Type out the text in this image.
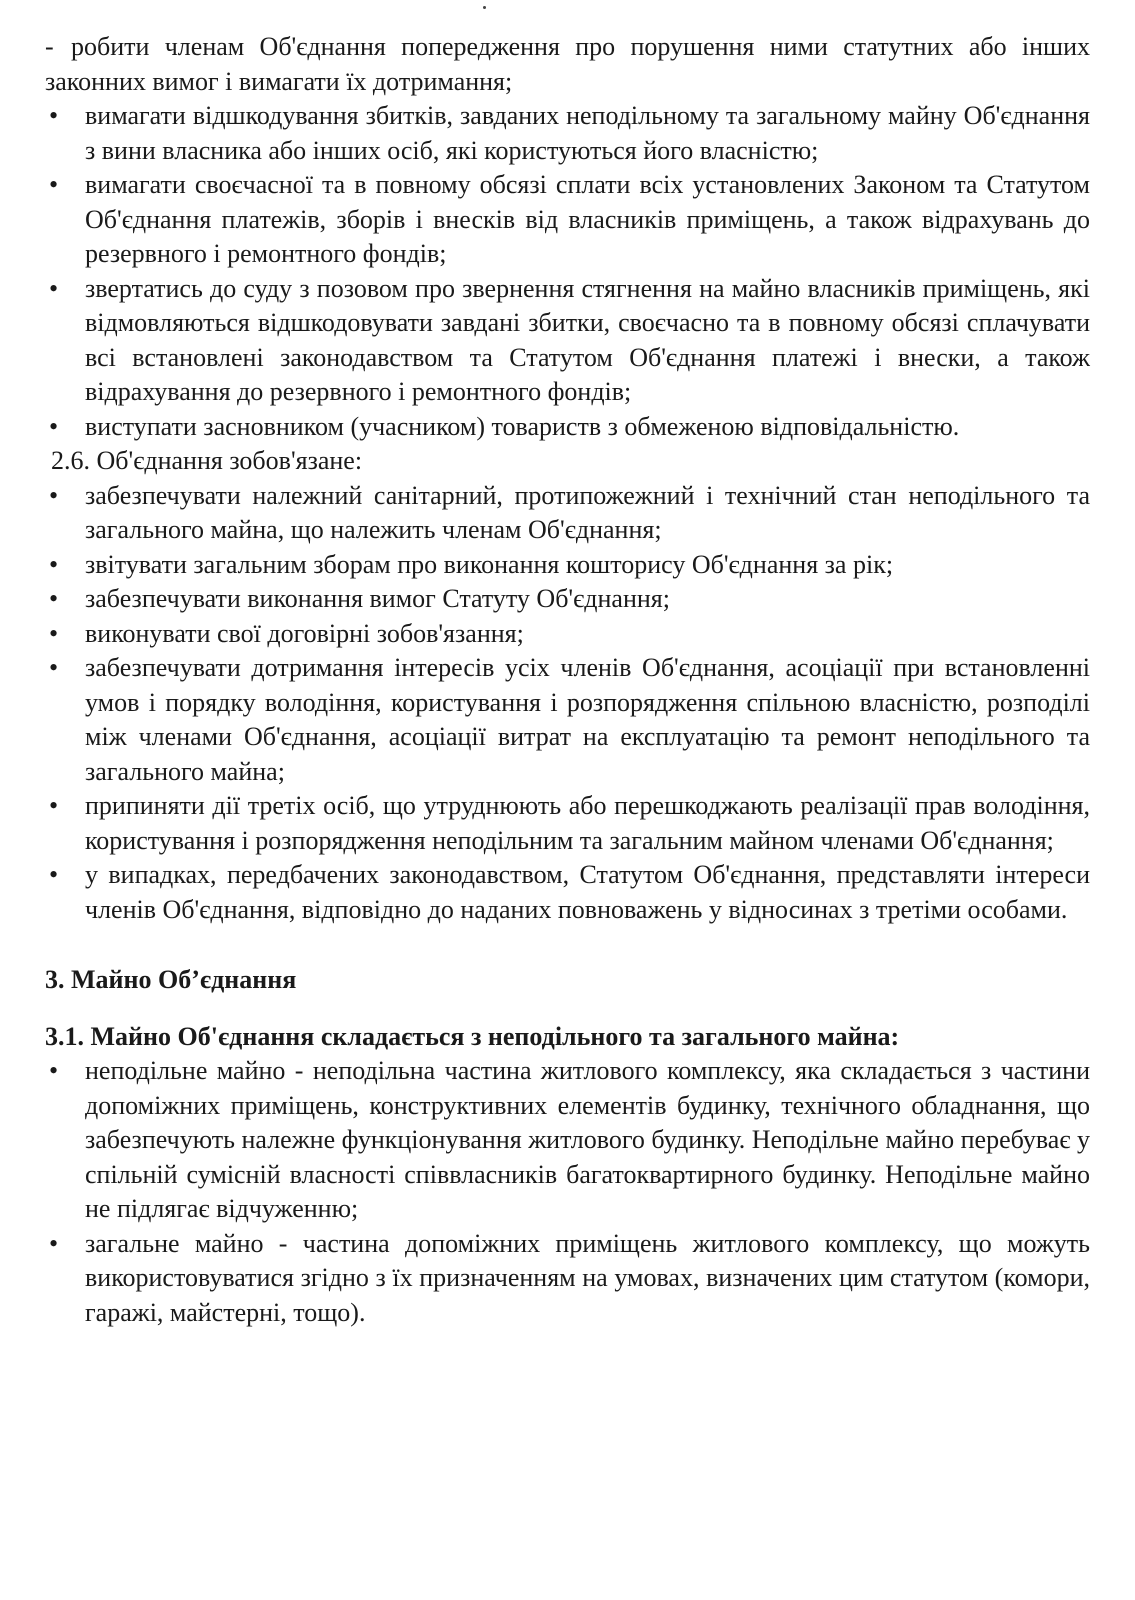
- робити членам Об'єднання попередження про порушення ними статутних або інших законних вимог і вимагати їх дотримання;
• вимагати відшкодування збитків, завданих неподільному та загальному майну Об'єднання з вини власника або інших осіб, які користуються його власністю;
• вимагати своєчасної та в повному обсязі сплати всіх установлених Законом та Статутом Об'єднання платежів, зборів і внесків від власників приміщень, а також відрахувань до резервного і ремонтного фондів;
• звертатись до суду з позовом про звернення стягнення на майно власників приміщень, які відмовляються відшкодовувати завдані збитки, своєчасно та в повному обсязі сплачувати всі встановлені законодавством та Статутом Об'єднання платежі і внески, а також відрахування до резервного і ремонтного фондів;
• виступати засновником (учасником) товариств з обмеженою відповідальністю.
2.6. Об'єднання зобов'язане:
• забезпечувати належний санітарний, протипожежний і технічний стан неподільного та загального майна, що належить членам Об'єднання;
• звітувати загальним зборам про виконання кошторису Об'єднання за рік;
• забезпечувати виконання вимог Статуту Об'єднання;
• виконувати свої договірні зобов'язання;
• забезпечувати дотримання інтересів усіх членів Об'єднання, асоціації при встановленні умов і порядку володіння, користування і розпорядження спільною власністю, розподілі між членами Об'єднання, асоціації витрат на експлуатацію та ремонт неподільного та загального майна;
• припиняти дії третіх осіб, що утруднюють або перешкоджають реалізації прав володіння, користування і розпорядження неподільним та загальним майном членами Об'єднання;
• у випадках, передбачених законодавством, Статутом Об'єднання, представляти інтереси членів Об'єднання, відповідно до наданих повноважень у відносинах з третіми особами.
3. Майно Об’єднання
3.1. Майно Об'єднання складається з неподільного та загального майна:
• неподільне майно - неподільна частина житлового комплексу, яка складається з частини допоміжних приміщень, конструктивних елементів будинку, технічного обладнання, що забезпечують належне функціонування житлового будинку. Неподільне майно перебуває у спільній сумісній власності співвласників багатоквартирного будинку. Неподільне майно не підлягає відчуженню;
• загальне майно - частина допоміжних приміщень житлового комплексу, що можуть використовуватися згідно з їх призначенням на умовах, визначених цим статутом (комори, гаражі, майстерні, тощо).
